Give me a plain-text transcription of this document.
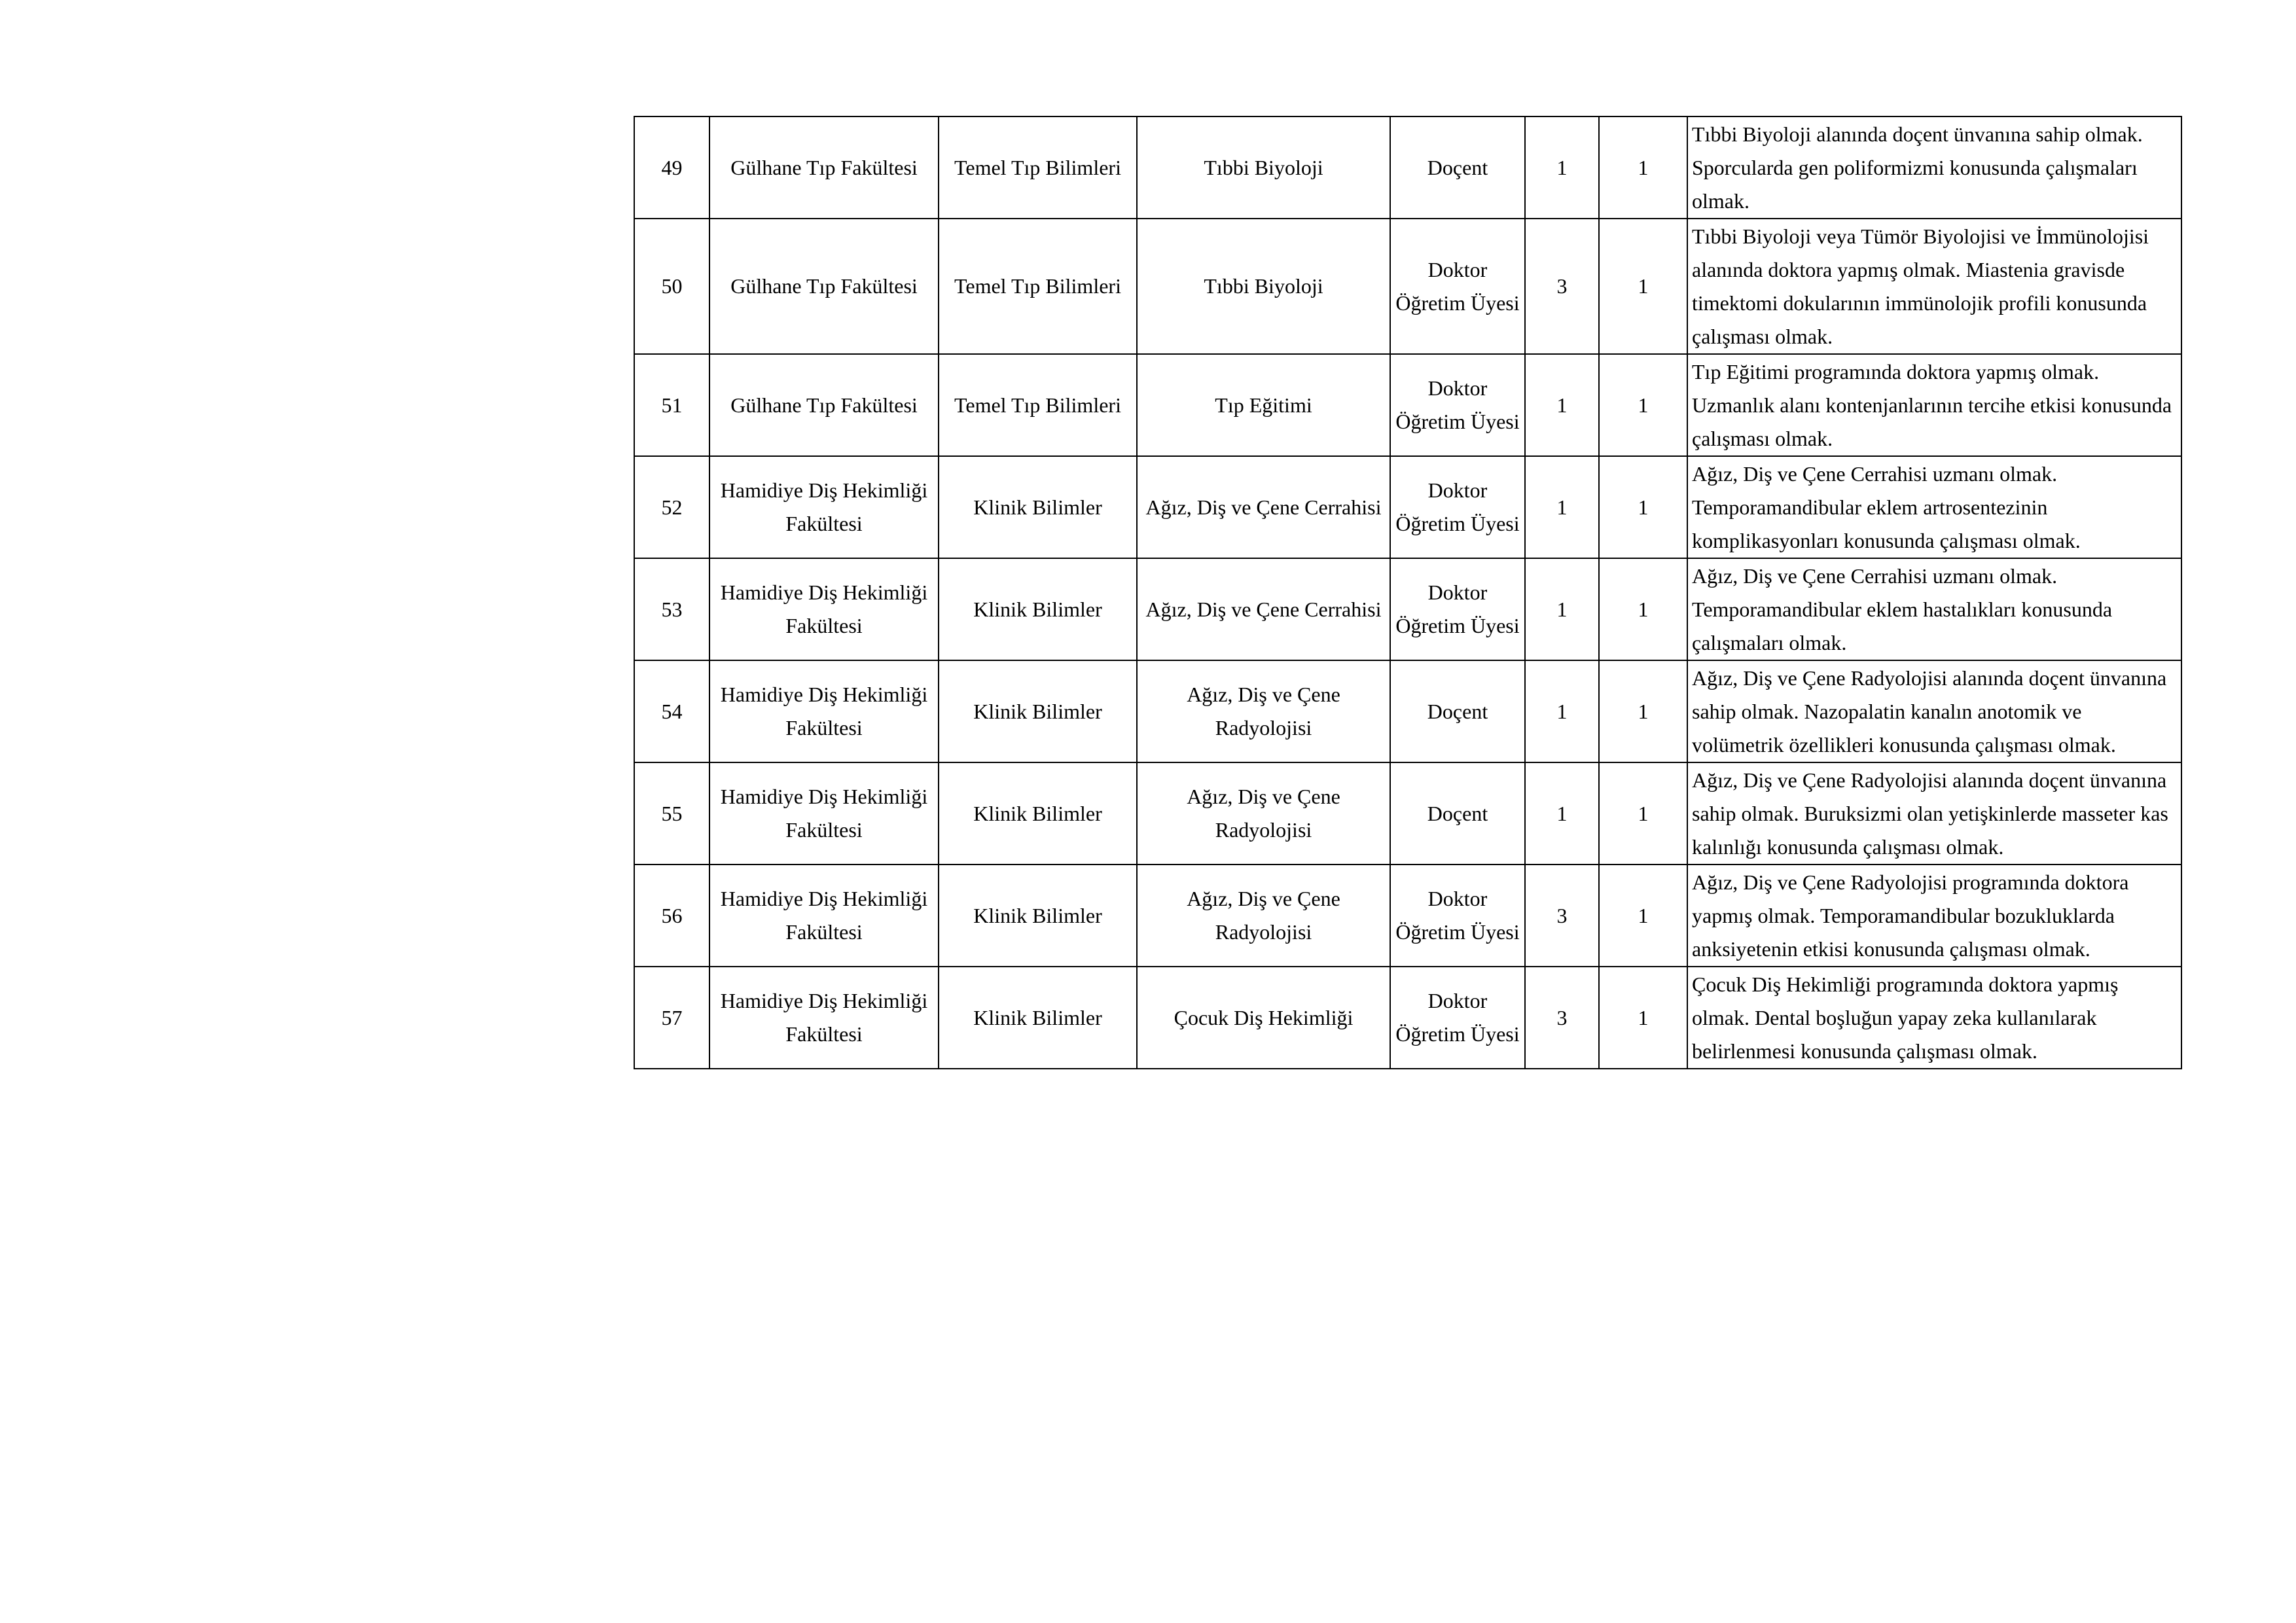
49	Gülhane Tıp Fakültesi	Temel Tıp Bilimleri	Tıbbi Biyoloji	Doçent	1	1	Tıbbi Biyoloji alanında doçent ünvanına sahip olmak. Sporcularda gen poliformizmi konusunda çalışmaları olmak.
50	Gülhane Tıp Fakültesi	Temel Tıp Bilimleri	Tıbbi Biyoloji	Doktor Öğretim Üyesi	3	1	Tıbbi Biyoloji veya Tümör Biyolojisi ve İmmünolojisi alanında doktora yapmış olmak. Miastenia gravisde timektomi dokularının immünolojik profili konusunda çalışması olmak.
51	Gülhane Tıp Fakültesi	Temel Tıp Bilimleri	Tıp Eğitimi	Doktor Öğretim Üyesi	1	1	Tıp Eğitimi programında doktora yapmış olmak. Uzmanlık alanı kontenjanlarının tercihe etkisi konusunda çalışması olmak.
52	Hamidiye Diş Hekimliği Fakültesi	Klinik Bilimler	Ağız, Diş ve Çene Cerrahisi	Doktor Öğretim Üyesi	1	1	Ağız, Diş ve Çene Cerrahisi uzmanı olmak. Temporamandibular eklem artrosentezinin komplikasyonları konusunda çalışması olmak.
53	Hamidiye Diş Hekimliği Fakültesi	Klinik Bilimler	Ağız, Diş ve Çene Cerrahisi	Doktor Öğretim Üyesi	1	1	Ağız, Diş ve Çene Cerrahisi uzmanı olmak. Temporamandibular eklem hastalıkları konusunda çalışmaları olmak.
54	Hamidiye Diş Hekimliği Fakültesi	Klinik Bilimler	Ağız, Diş ve Çene Radyolojisi	Doçent	1	1	Ağız, Diş ve Çene Radyolojisi alanında doçent ünvanına sahip olmak. Nazopalatin kanalın anotomik ve volümetrik özellikleri konusunda çalışması olmak.
55	Hamidiye Diş Hekimliği Fakültesi	Klinik Bilimler	Ağız, Diş ve Çene Radyolojisi	Doçent	1	1	Ağız, Diş ve Çene Radyolojisi alanında doçent ünvanına sahip olmak. Buruksizmi olan yetişkinlerde masseter kas kalınlığı konusunda çalışması olmak.
56	Hamidiye Diş Hekimliği Fakültesi	Klinik Bilimler	Ağız, Diş ve Çene Radyolojisi	Doktor Öğretim Üyesi	3	1	Ağız, Diş ve Çene Radyolojisi programında doktora yapmış olmak. Temporamandibular bozukluklarda anksiyetenin etkisi konusunda çalışması olmak.
57	Hamidiye Diş Hekimliği Fakültesi	Klinik Bilimler	Çocuk Diş Hekimliği	Doktor Öğretim Üyesi	3	1	Çocuk Diş Hekimliği programında doktora yapmış olmak. Dental boşluğun yapay zeka kullanılarak belirlenmesi konusunda çalışması olmak.
